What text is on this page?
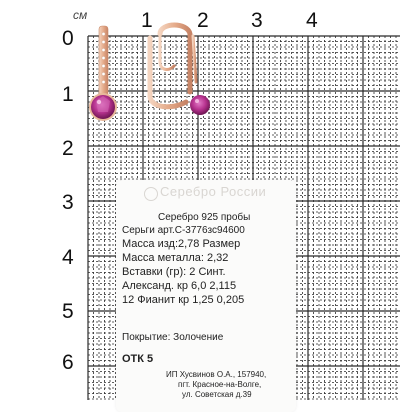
см	1 2 3 4
0
1
2
3
4
5
6
Серебро России
Серебро 925 пробы
Серьги арт.С-3776зс94600
Масса изд:2,78 Размер
Масса металла: 2,32
Вставки (гр): 2 Синт.
Александ. кр 6,0 2,115
12 Фианит кр 1,25 0,205
Покрытие: Золочение
ОТК 5
ИП Хусвинов О.А., 157940,
пгт. Красное-на-Волге,
ул. Советская д.39
